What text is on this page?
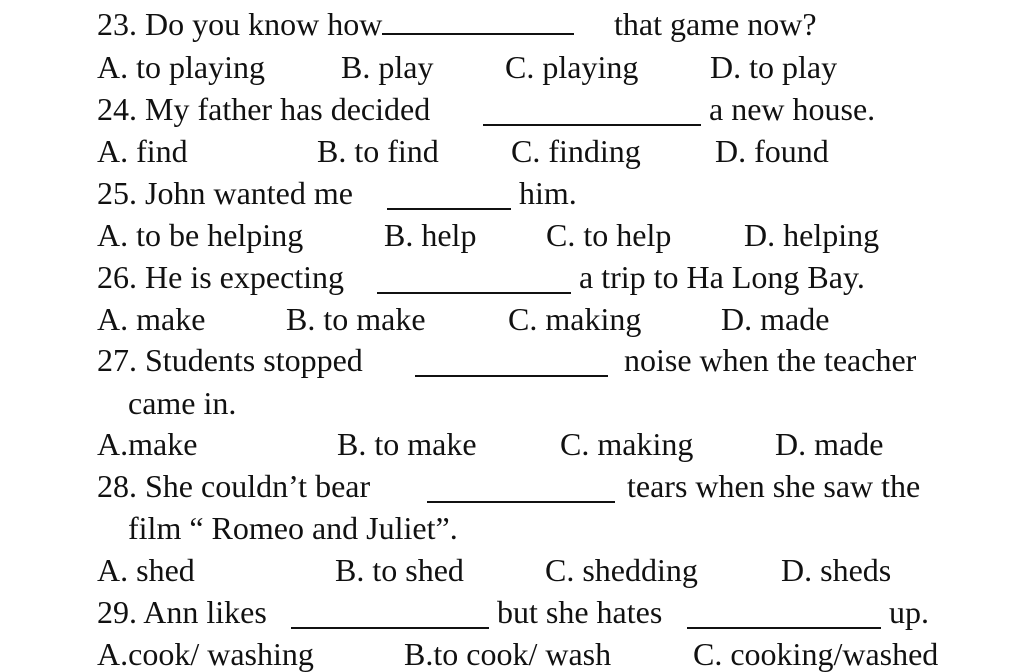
23. Do you know how	that game now?
A. to playing B. play C. playing D. to play
24. My father has decided	a new house.
A. find	B. to find C. finding D. found
25. John wanted me	him.
A. to be helping	B. help C. to help D. helping
26. He is expecting	a trip to Ha Long Bay.
A. make	B. to make	C. making D. made
27. Students stopped	noise when the teacher
came in.
A.make	B. to make	C. making	D. made
28. She couldn’t bear	tears when she saw the
film “ Romeo and Juliet”.
A. shed	B. to shed	C. shedding	D. sheds
29. Ann likes	but she hates	up.
A.cook/ washing	B.to cook/ wash	C. cooking/washed
